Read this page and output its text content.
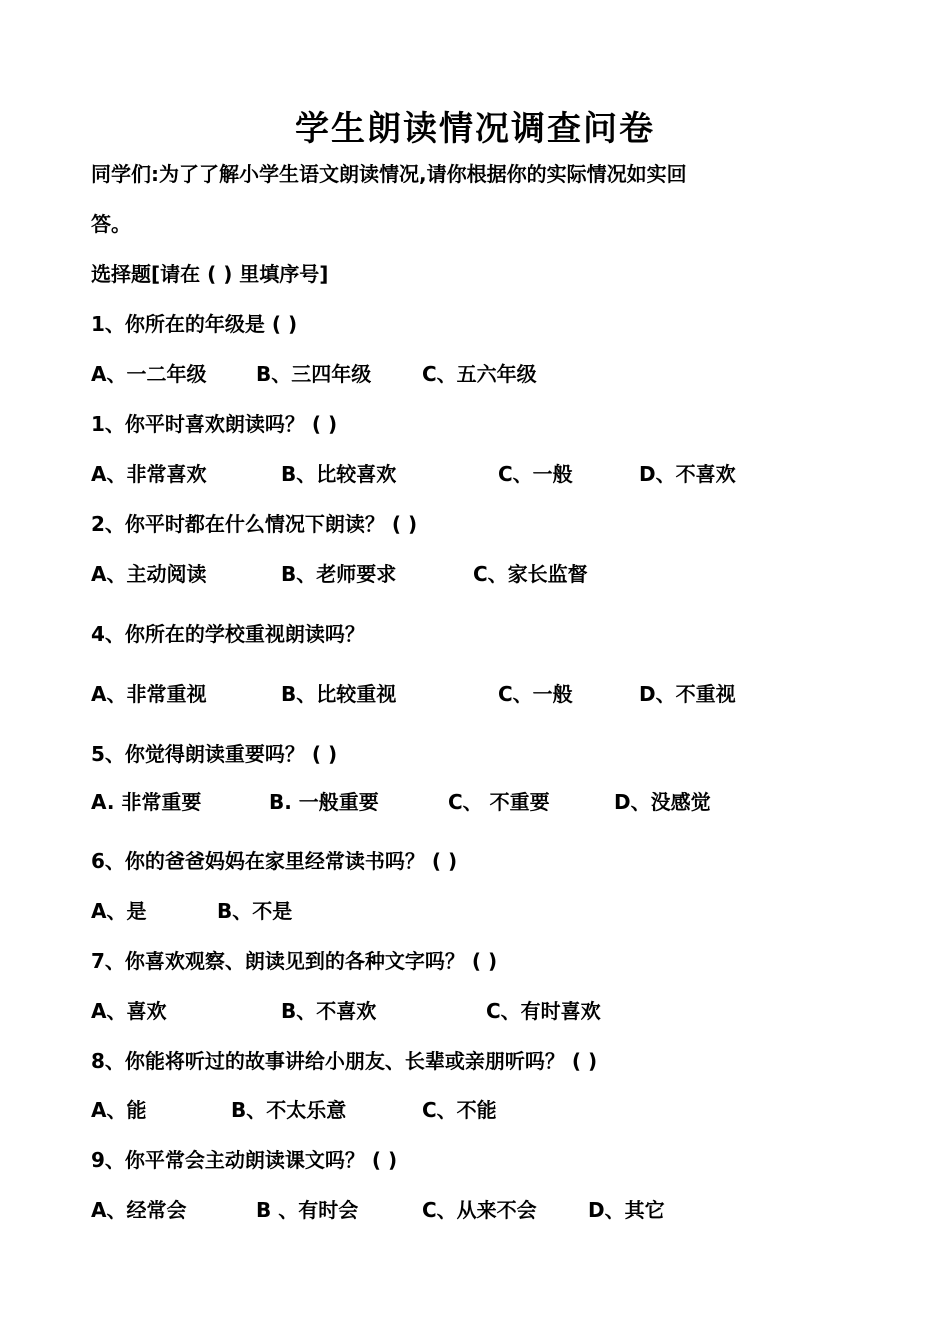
学生朗读情况调查问卷
同学们:为了了解小学生语文朗读情况,请你根据你的实际情况如实回
答。
选择题[请在 ( ) 里填序号]
1、你所在的年级是 ( )
A、一二年级 B、三四年级	C、五六年级
1、你平时喜欢朗读吗？ ( )
A、非常喜欢	B、比较喜欢	C、一般	D、不喜欢
2、你平时都在什么情况下朗读？ ( )
A、主动阅读	B、老师要求	C、家长监督
4、你所在的学校重视朗读吗？
A、非常重视	B、比较重视	C、一般	D、不重视
5、你觉得朗读重要吗？ ( )
A. 非常重要	B. 一般重要	C、 不重要	D、没感觉
6、你的爸爸妈妈在家里经常读书吗？ ( )
A、是	B、不是
7、你喜欢观察、朗读见到的各种文字吗？ ( )
A、喜欢	B、不喜欢	C、有时喜欢
8、你能将听过的故事讲给小朋友、长辈或亲朋听吗？ ( )
A、能	B、不太乐意	C、不能
9、你平常会主动朗读课文吗？ ( )
A、经常会	B 、有时会	C、从来不会	D、其它
